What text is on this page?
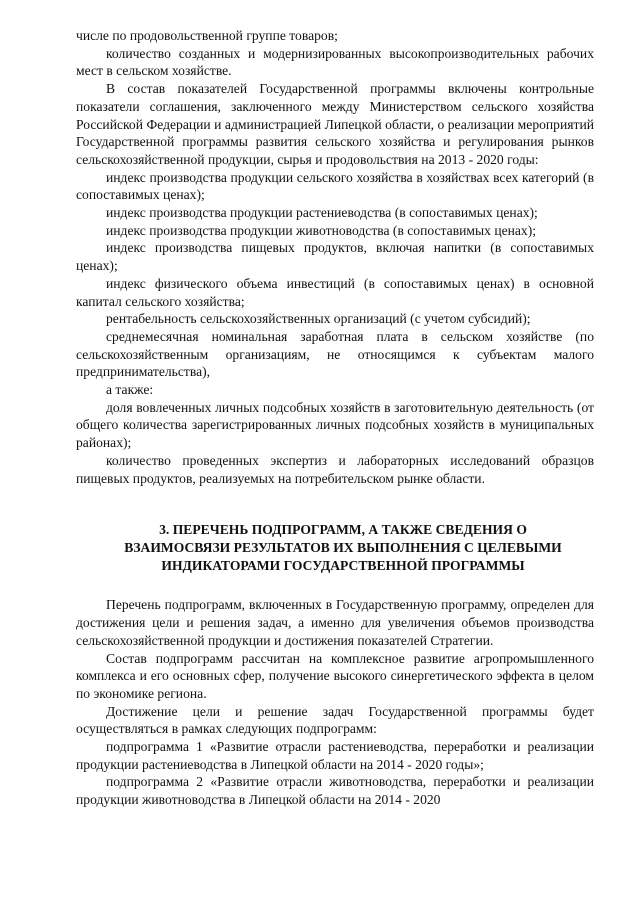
числе по продовольственной группе товаров;

количество созданных и модернизированных высокопроизводительных рабочих мест в сельском хозяйстве.

В состав показателей Государственной программы включены контрольные показатели соглашения, заключенного между Министерством сельского хозяйства Российской Федерации и администрацией Липецкой области, о реализации мероприятий Государственной программы развития сельского хозяйства и регулирования рынков сельскохозяйственной продукции, сырья и продовольствия на 2013 - 2020 годы:

индекс производства продукции сельского хозяйства в хозяйствах всех категорий (в сопоставимых ценах);

индекс производства продукции растениеводства (в сопоставимых ценах);

индекс производства продукции животноводства (в сопоставимых ценах);

индекс производства пищевых продуктов, включая напитки (в сопоставимых ценах);

индекс физического объема инвестиций (в сопоставимых ценах) в основной капитал сельского хозяйства;

рентабельность сельскохозяйственных организаций (с учетом субсидий);

среднемесячная номинальная заработная плата в сельском хозяйстве (по сельскохозяйственным организациям, не относящимся к субъектам малого предпринимательства),

а также:

доля вовлеченных личных подсобных хозяйств в заготовительную деятельность (от общего количества зарегистрированных личных подсобных хозяйств в муниципальных районах);

количество проведенных экспертиз и лабораторных исследований образцов пищевых продуктов, реализуемых на потребительском рынке области.

3. ПЕРЕЧЕНЬ ПОДПРОГРАММ, А ТАКЖЕ СВЕДЕНИЯ О
ВЗАИМОСВЯЗИ РЕЗУЛЬТАТОВ ИХ ВЫПОЛНЕНИЯ С ЦЕЛЕВЫМИ
ИНДИКАТОРАМИ ГОСУДАРСТВЕННОЙ ПРОГРАММЫ

Перечень подпрограмм, включенных в Государственную программу, определен для достижения цели и решения задач, а именно для увеличения объемов производства сельскохозяйственной продукции и достижения показателей Стратегии.

Состав подпрограмм рассчитан на комплексное развитие агропромышленного комплекса и его основных сфер, получение высокого синергетического эффекта в целом по экономике региона.

Достижение цели и решение задач Государственной программы будет осуществляться в рамках следующих подпрограмм:

подпрограмма 1 «Развитие отрасли растениеводства, переработки и реализации продукции растениеводства в Липецкой области на 2014 - 2020 годы»;

подпрограмма 2 «Развитие отрасли животноводства, переработки и реализации продукции животноводства в Липецкой области на 2014 - 2020
